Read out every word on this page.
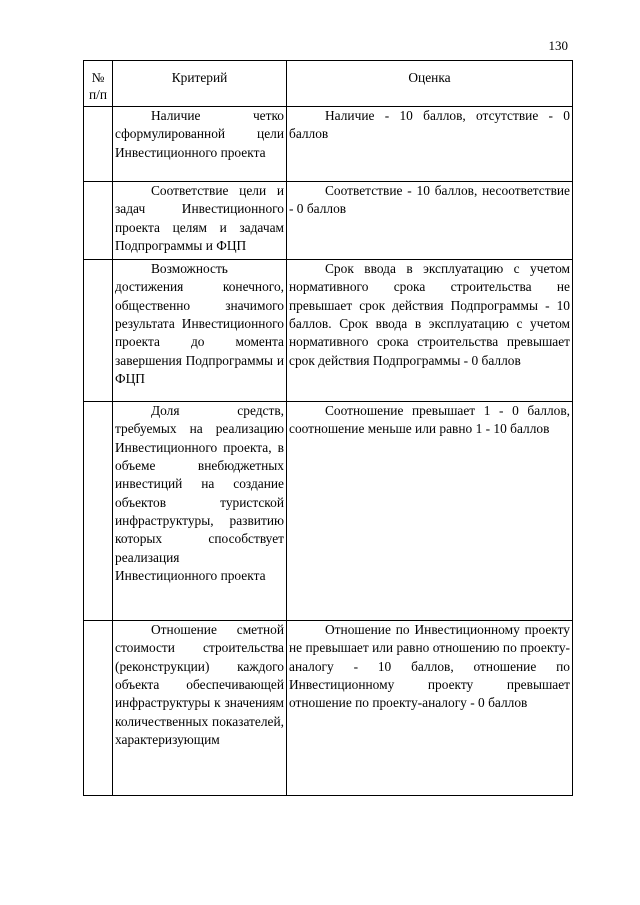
130
№ п/п	Критерий	Оценка

	Наличие четко сформулированной цели Инвестиционного проекта	Наличие - 10 баллов, отсутствие - 0 баллов

	Соответствие цели и задач Инвестиционного проекта целям и задачам Подпрограммы и ФЦП	Соответствие - 10 баллов, несоответствие - 0 баллов

	Возможность достижения конечного, общественно значимого результата Инвестиционного проекта до момента завершения Подпрограммы и ФЦП	Срок ввода в эксплуатацию с учетом нормативного срока строительства не превышает срок действия Подпрограммы - 10 баллов. Срок ввода в эксплуатацию с учетом нормативного срока строительства превышает срок действия Подпрограммы - 0 баллов

	Доля средств, требуемых на реализацию Инвестиционного проекта, в объеме внебюджетных инвестиций на создание объектов туристской инфраструктуры, развитию которых способствует реализация Инвестиционного проекта	Соотношение превышает 1 - 0 баллов, соотношение меньше или равно 1 - 10 баллов

	Отношение сметной стоимости строительства (реконструкции) каждого объекта обеспечивающей инфраструктуры к значениям количественных показателей, характеризующим	Отношение по Инвестиционному проекту не превышает или равно отношению по проекту-аналогу - 10 баллов, отношение по Инвестиционному проекту превышает отношение по проекту-аналогу - 0 баллов
